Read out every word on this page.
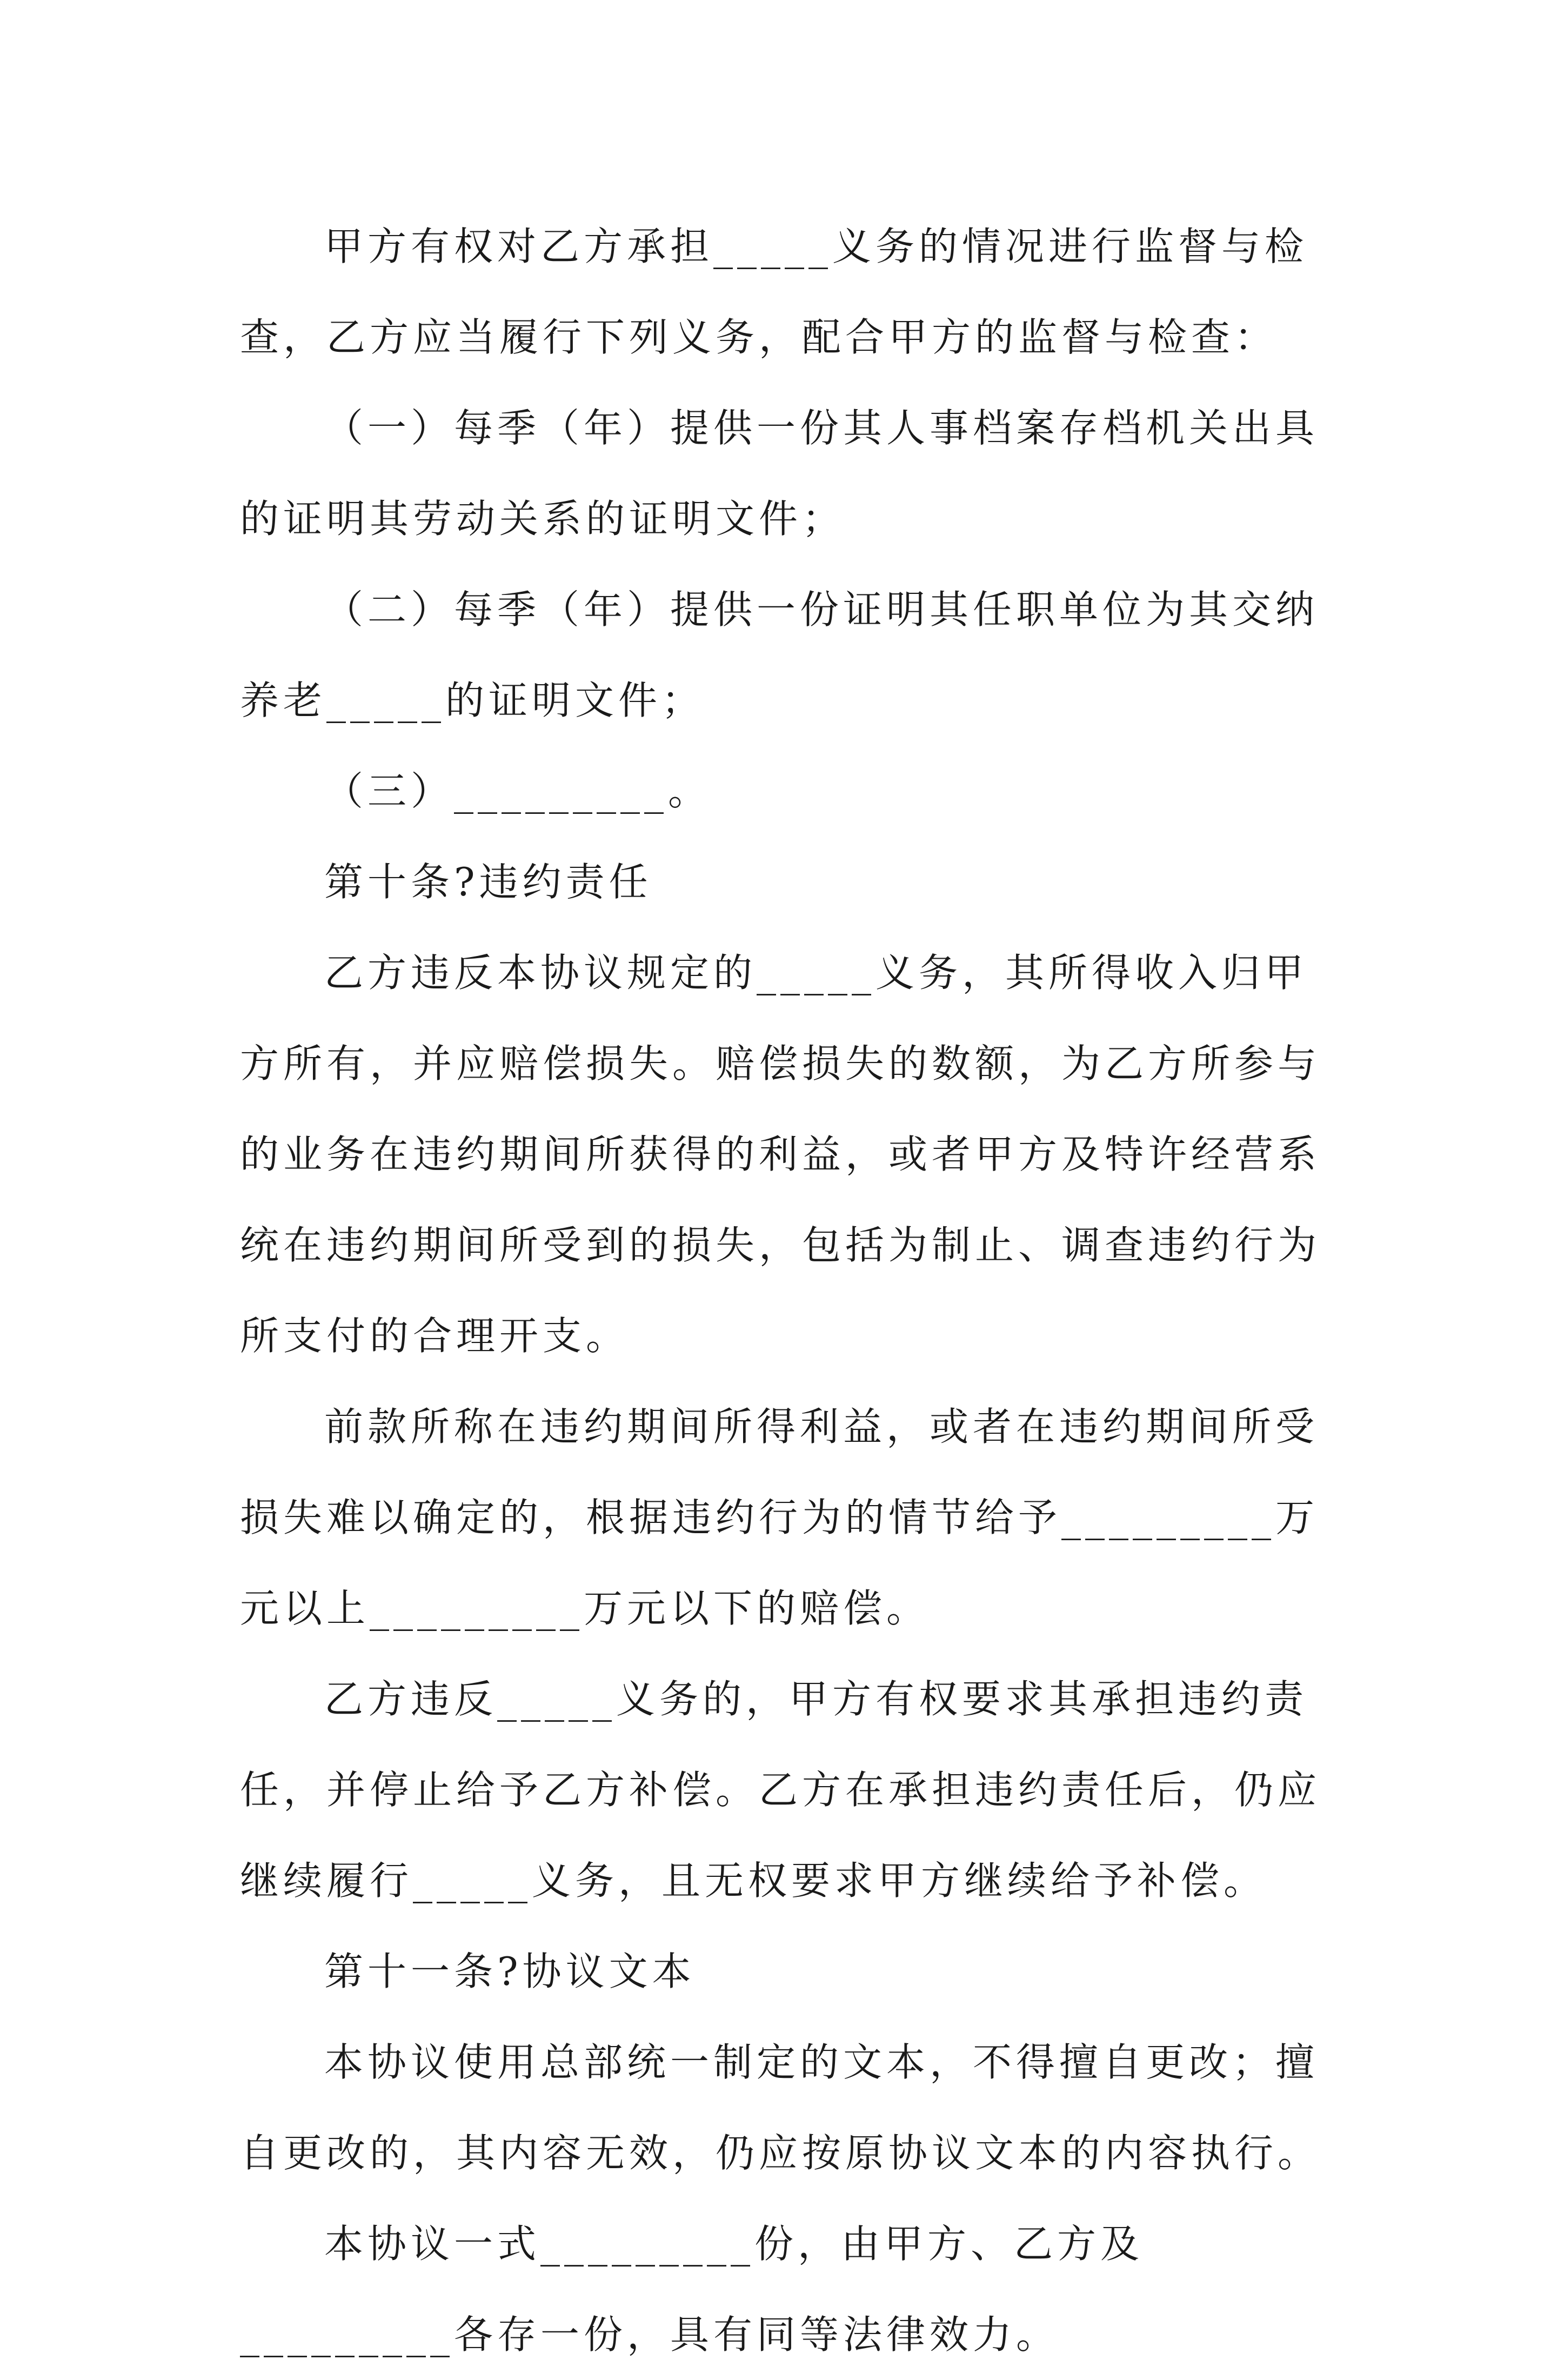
甲方有权对乙方承担_____义务的情况进行监督与检查，乙方应当履行下列义务，配合甲方的监督与检查：

（一）每季（年）提供一份其人事档案存档机关出具的证明其劳动关系的证明文件；

（二）每季（年）提供一份证明其任职单位为其交纳养老_____的证明文件；

（三）_________。

第十条?违约责任

乙方违反本协议规定的_____义务，其所得收入归甲方所有，并应赔偿损失。赔偿损失的数额，为乙方所参与的业务在违约期间所获得的利益，或者甲方及特许经营系统在违约期间所受到的损失，包括为制止、调查违约行为所支付的合理开支。

前款所称在违约期间所得利益，或者在违约期间所受损失难以确定的，根据违约行为的情节给予_________万元以上_________万元以下的赔偿。

乙方违反_____义务的，甲方有权要求其承担违约责任，并停止给予乙方补偿。乙方在承担违约责任后，仍应继续履行_____义务，且无权要求甲方继续给予补偿。

第十一条?协议文本

本协议使用总部统一制定的文本，不得擅自更改；擅自更改的，其内容无效，仍应按原协议文本的内容执行。

本协议一式_________份，由甲方、乙方及_________各存一份，具有同等法律效力。
